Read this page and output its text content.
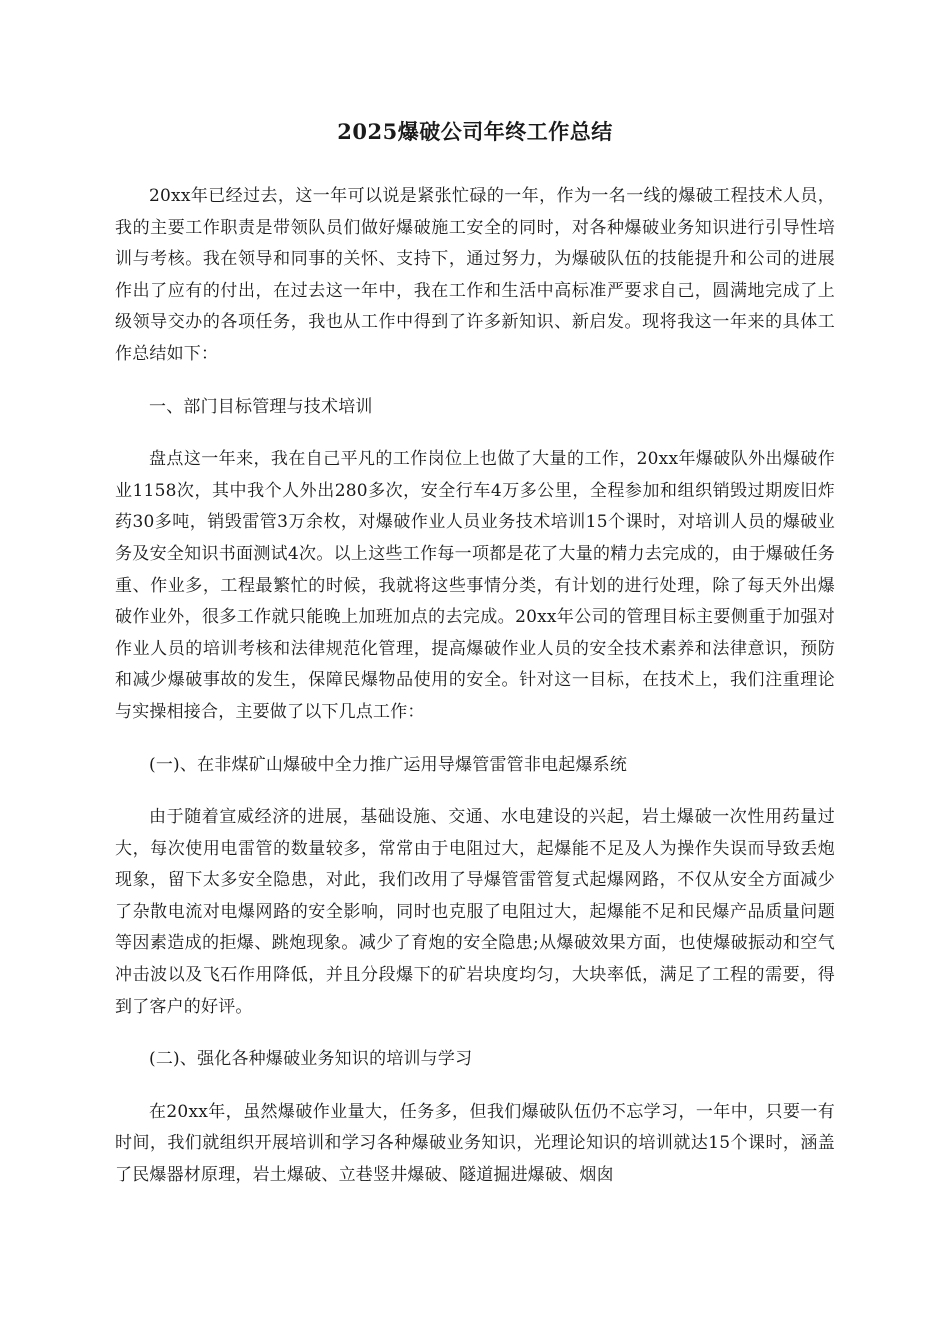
2025爆破公司年终工作总结

20xx年已经过去，这一年可以说是紧张忙碌的一年，作为一名一线的爆破工程技术人员，我的主要工作职责是带领队员们做好爆破施工安全的同时，对各种爆破业务知识进行引导性培训与考核。我在领导和同事的关怀、支持下，通过努力，为爆破队伍的技能提升和公司的进展作出了应有的付出，在过去这一年中，我在工作和生活中高标准严要求自己，圆满地完成了上级领导交办的各项任务，我也从工作中得到了许多新知识、新启发。现将我这一年来的具体工作总结如下：

一、部门目标管理与技术培训

盘点这一年来，我在自己平凡的工作岗位上也做了大量的工作，20xx年爆破队外出爆破作业1158次，其中我个人外出280多次，安全行车4万多公里，全程参加和组织销毁过期废旧炸药30多吨，销毁雷管3万余枚，对爆破作业人员业务技术培训15个课时，对培训人员的爆破业务及安全知识书面测试4次。以上这些工作每一项都是花了大量的精力去完成的，由于爆破任务重、作业多，工程最繁忙的时候，我就将这些事情分类，有计划的进行处理，除了每天外出爆破作业外，很多工作就只能晚上加班加点的去完成。20xx年公司的管理目标主要侧重于加强对作业人员的培训考核和法律规范化管理，提高爆破作业人员的安全技术素养和法律意识，预防和减少爆破事故的发生，保障民爆物品使用的安全。针对这一目标，在技术上，我们注重理论与实操相接合，主要做了以下几点工作：

(一)、在非煤矿山爆破中全力推广运用导爆管雷管非电起爆系统

由于随着宣威经济的进展，基础设施、交通、水电建设的兴起，岩土爆破一次性用药量过大，每次使用电雷管的数量较多，常常由于电阻过大，起爆能不足及人为操作失误而导致丢炮现象，留下太多安全隐患，对此，我们改用了导爆管雷管复式起爆网路，不仅从安全方面减少了杂散电流对电爆网路的安全影响，同时也克服了电阻过大，起爆能不足和民爆产品质量问题等因素造成的拒爆、跳炮现象。减少了育炮的安全隐患;从爆破效果方面，也使爆破振动和空气冲击波以及飞石作用降低，并且分段爆下的矿岩块度均匀，大块率低，满足了工程的需要，得到了客户的好评。

(二)、强化各种爆破业务知识的培训与学习

在20xx年，虽然爆破作业量大，任务多，但我们爆破队伍仍不忘学习，一年中，只要一有时间，我们就组织开展培训和学习各种爆破业务知识，光理论知识的培训就达15个课时，涵盖了民爆器材原理，岩土爆破、立巷竖井爆破、隧道掘进爆破、烟囱
